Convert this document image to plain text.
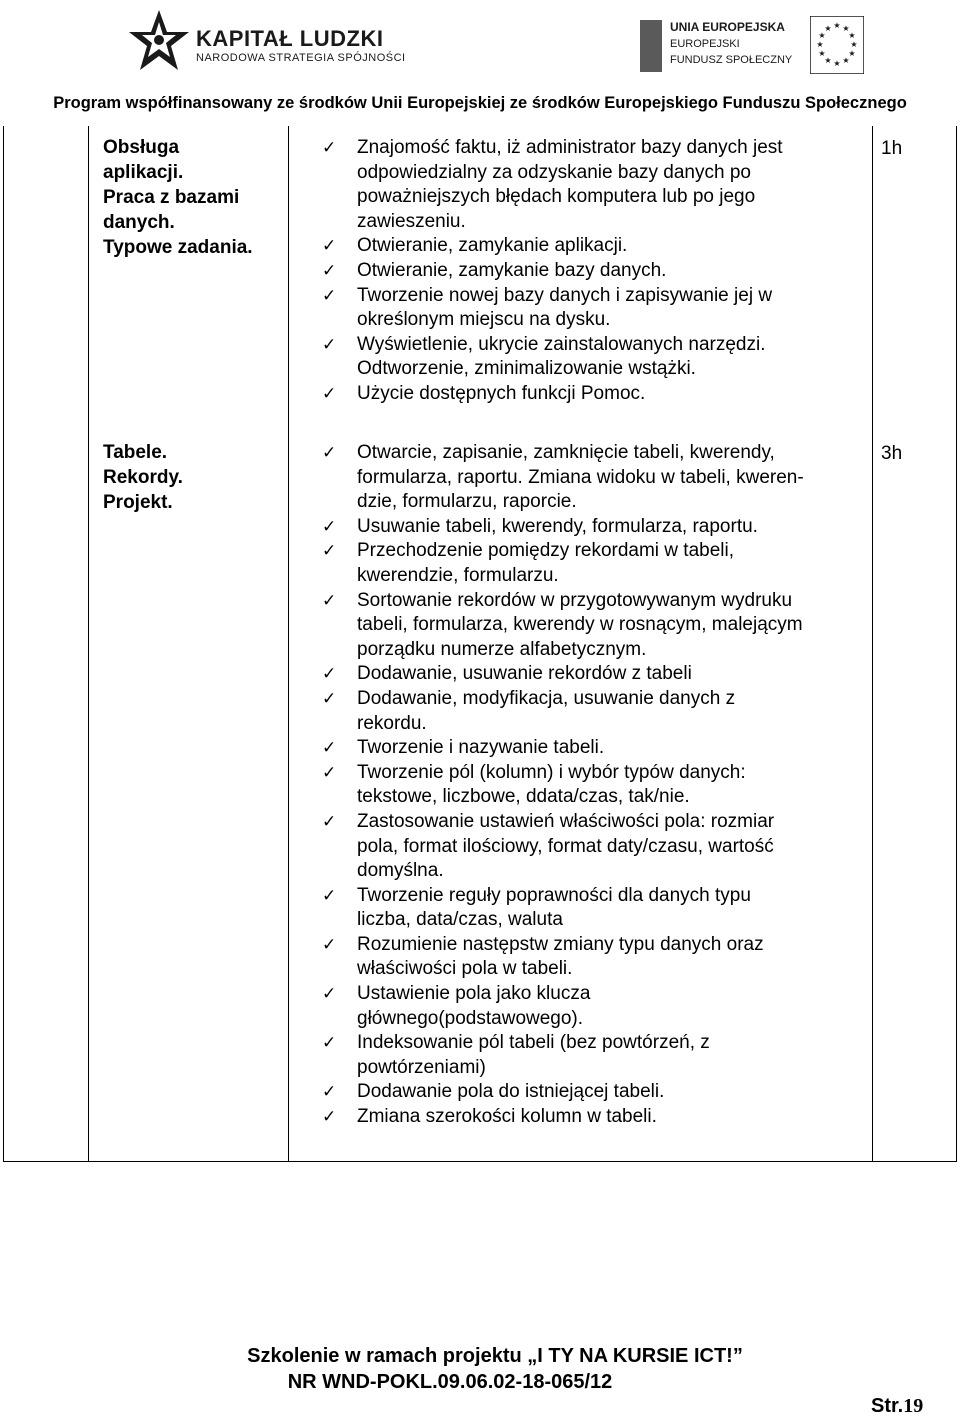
KAPITAŁ LUDZKI
NARODOWA STRATEGIA SPÓJNOŚCI
UNIA EUROPEJSKA
EUROPEJSKI
FUNDUSZ SPOŁECZNY
★ ★
★
★
★
★
★
★
★
★
★
★
Program współfinansowany ze środków Unii Europejskiej ze środków Europejskiego Funduszu Społecznego
Obsługa
aplikacji.
Praca z bazami
danych.
Typowe zadania.
✓ Znajomość faktu, iż administrator bazy danych jest
odpowiedzialny za odzyskanie bazy danych po
poważniejszych błędach komputera lub po jego
zawieszeniu.
✓ Otwieranie, zamykanie aplikacji.
✓ Otwieranie, zamykanie bazy danych.
✓ Tworzenie nowej bazy danych i zapisywanie jej w
określonym miejscu na dysku.
✓ Wyświetlenie, ukrycie zainstalowanych narzędzi.
Odtworzenie, zminimalizowanie wstążki.
✓ Użycie dostępnych funkcji Pomoc.
1h
Tabele.
Rekordy.
Projekt.
✓ Otwarcie, zapisanie, zamknięcie tabeli, kwerendy,
formularza, raportu. Zmiana widoku w tabeli, kweren-
dzie, formularzu, raporcie.
✓ Usuwanie tabeli, kwerendy, formularza, raportu.
✓ Przechodzenie pomiędzy rekordami w tabeli,
kwerendzie, formularzu.
✓ Sortowanie rekordów w przygotowywanym wydruku
tabeli, formularza, kwerendy w rosnącym, malejącym
porządku numerze alfabetycznym.
✓ Dodawanie, usuwanie rekordów z tabeli
✓ Dodawanie, modyfikacja, usuwanie danych z
rekordu.
✓ Tworzenie i nazywanie tabeli.
✓ Tworzenie pól (kolumn) i wybór typów danych:
tekstowe, liczbowe, ddata/czas, tak/nie.
✓ Zastosowanie ustawień właściwości pola: rozmiar
pola, format ilościowy, format daty/czasu, wartość
domyślna.
✓ Tworzenie reguły poprawności dla danych typu
liczba, data/czas, waluta
✓ Rozumienie następstw zmiany typu danych oraz
właściwości pola w tabeli.
✓ Ustawienie pola jako klucza
głównego(podstawowego).
✓ Indeksowanie pól tabeli (bez powtórzeń, z
powtórzeniami)
✓ Dodawanie pola do istniejącej tabeli.
✓ Zmiana szerokości kolumn w tabeli.
3h
Szkolenie w ramach projektu „I TY NA KURSIE ICT!”
NR WND-POKL.09.06.02-18-065/12
Str.19
